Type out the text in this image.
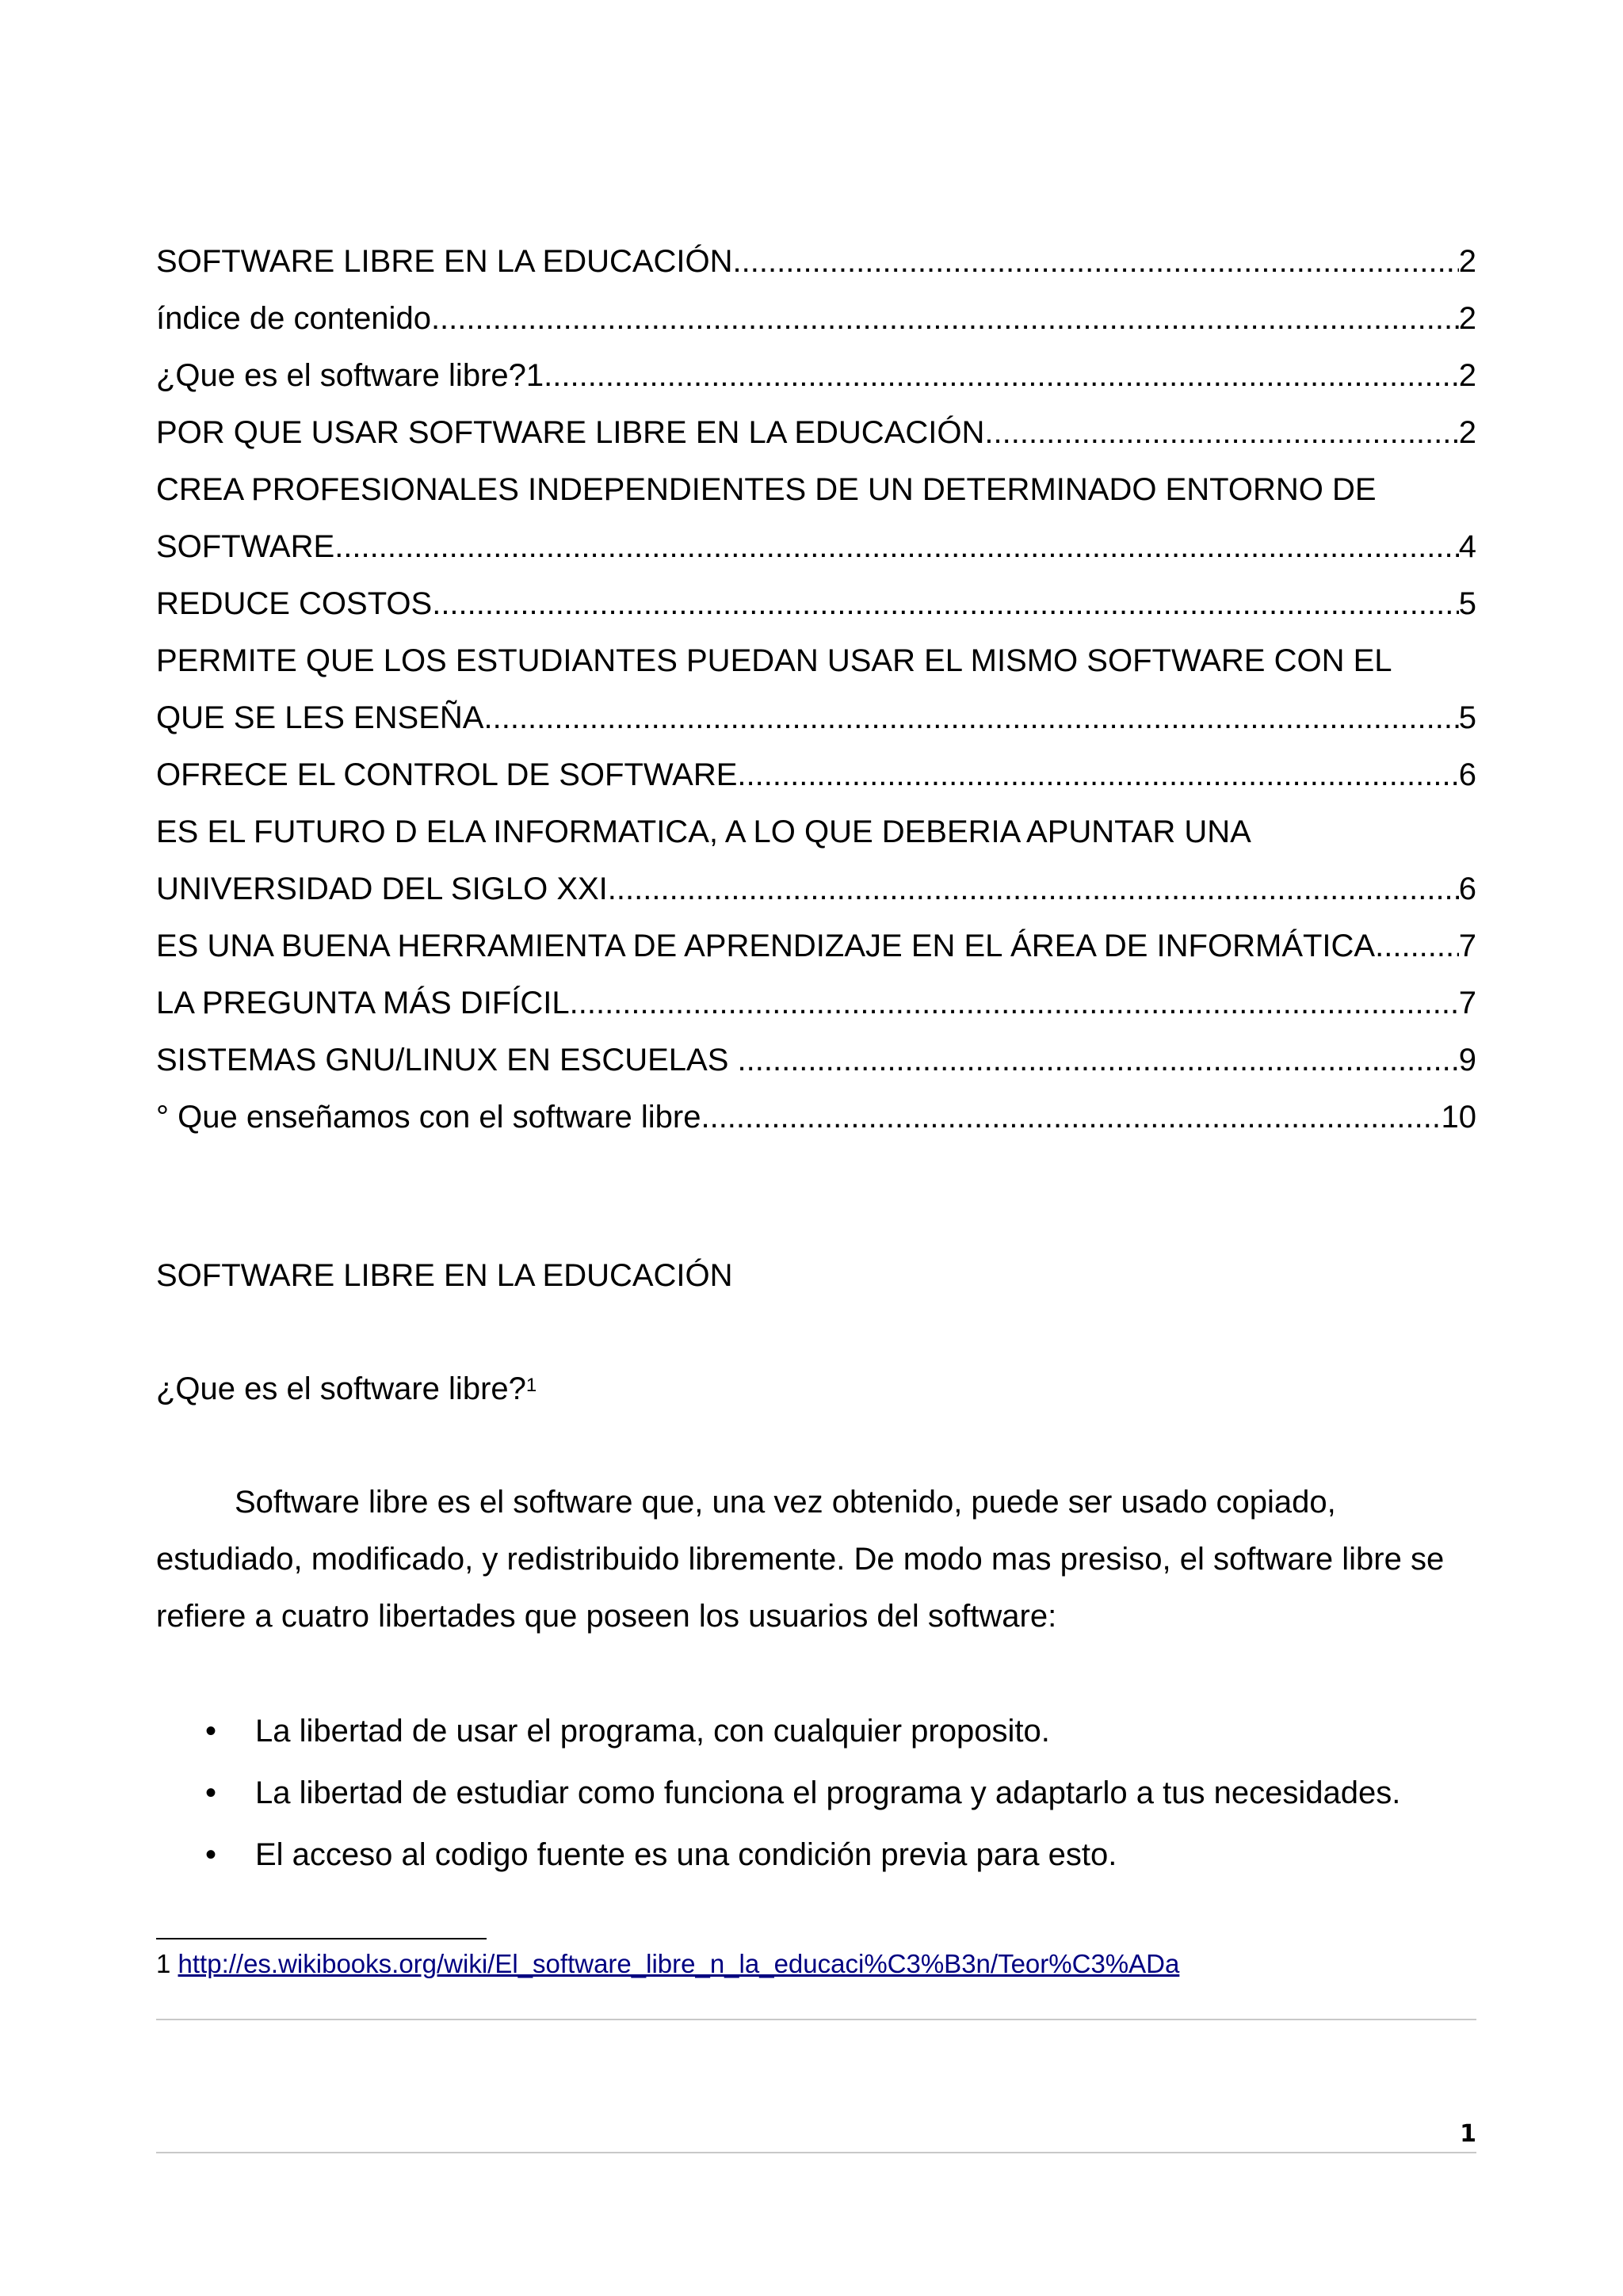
SOFTWARE LIBRE EN LA EDUCACIÓN .....	2
índice de contenido .....	2
¿Que es el software libre?1 .....	2
POR QUE USAR SOFTWARE LIBRE EN LA EDUCACIÓN .....	2
CREA PROFESIONALES INDEPENDIENTES DE UN DETERMINADO ENTORNO DE
SOFTWARE .....	4
REDUCE COSTOS .....	5
PERMITE QUE LOS ESTUDIANTES PUEDAN USAR EL MISMO SOFTWARE CON EL
QUE SE LES ENSEÑA .....	5
OFRECE EL CONTROL DE SOFTWARE .....	6
ES EL FUTURO D ELA INFORMATICA, A LO QUE DEBERIA APUNTAR UNA
UNIVERSIDAD DEL SIGLO XXI .....	6
ES UNA BUENA HERRAMIENTA DE APRENDIZAJE EN EL ÁREA DE INFORMÁTICA .....	7
LA PREGUNTA MÁS DIFÍCIL .....	7
SISTEMAS GNU/LINUX EN ESCUELAS .....	9
° Que enseñamos con el software libre .....	10
SOFTWARE LIBRE EN LA EDUCACIÓN
¿Que es el software libre?$^1$
Software libre es el software que, una vez obtenido, puede ser usado copiado, estudiado, modificado, y redistribuido libremente. De modo mas presiso, el software libre se refiere a cuatro libertades que poseen los usuarios del software:
• La libertad de usar el programa, con cualquier proposito.
• La libertad de estudiar como funciona el programa y adaptarlo a tus necesidades.
• El acceso al codigo fuente es una condición previa para esto.
1 http://es.wikibooks.org/wiki/El_software_libre_n_la_educaci%C3%B3n/Teor%C3%ADa
1
